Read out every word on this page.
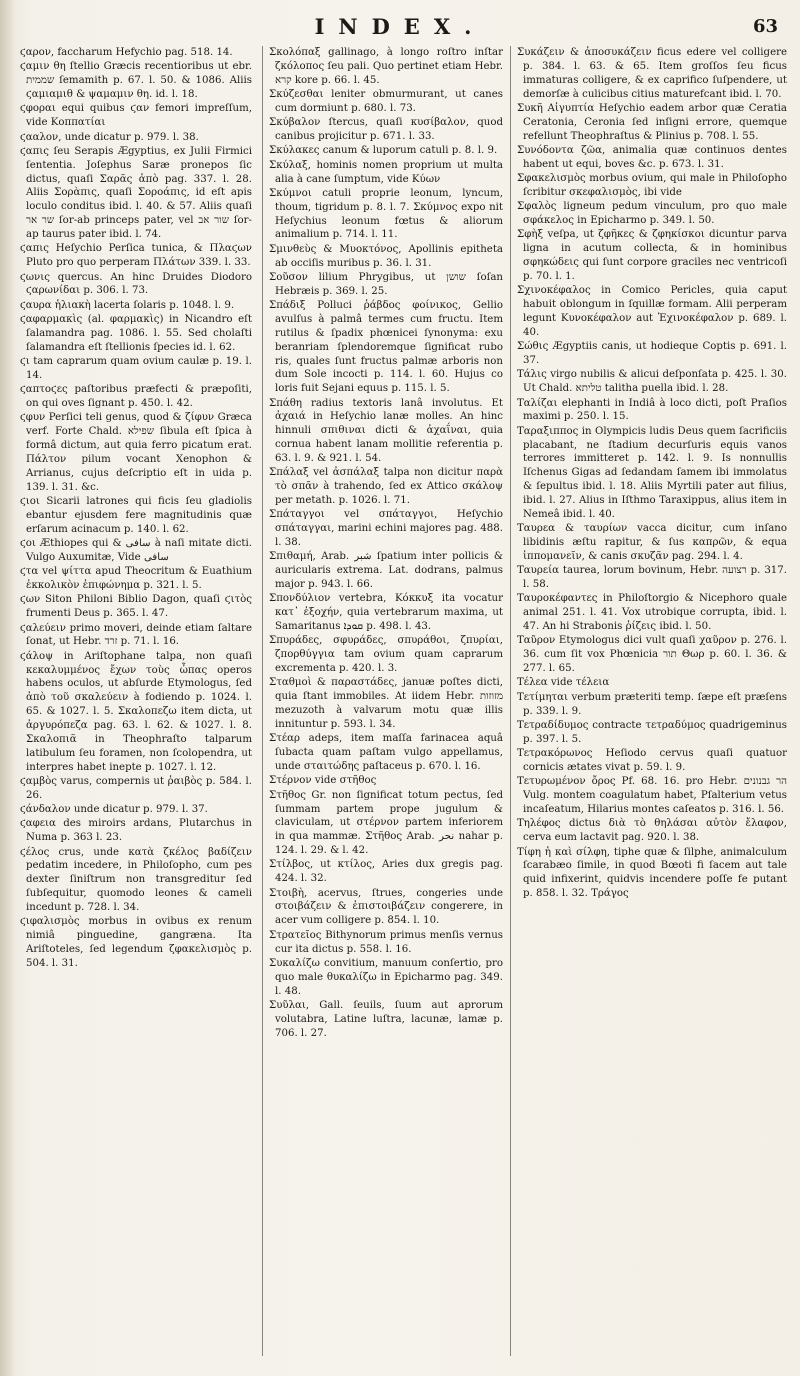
INDEX.	63

ϛαρον, faccharum Hefychio pag. 518. 14.

ϛαμιν θη ſtellio Græcis recentioribus ut ebr. שממית ſemamith p. 67. l. 50. & 1086. Aliis ϛαμιαμιθ & ψαμαμιν θη. id. l. 18.

ϛφοραι equi quibus ϛαν femori impreſſum, vide Κοππατίαι

ϛααλον, unde dicatur p. 979. l. 38.

ϛαπις ſeu Serapis Ægyptius, ex Julii Firmici ſententia. Joſephus Saræ pronepos ſic dictus, quaſi Σαρᾶς ἀπὸ pag. 337. l. 28. Aliis Σορὰπις, quaſi Σοροάπις, id eſt apis loculo conditus ibid. l. 40. & 57. Aliis quaſi שר אר ſor-ab princeps pater, vel שור אב ſor-ap taurus pater ibid. l. 74.

ϛαπις Heſychio Perſica tunica, & Πλαϛων Pluto pro quo perperam Πλάτων 339. l. 33.

ϛωνις quercus. An hinc Druides Diodoro ϛαρωνίδαι p. 306. l. 73.

ϛαυρα ἡλιακὴ lacerta ſolaris p. 1048. l. 9.

ϛαφαρμακὶς (al. φαρμακὶς) in Nicandro eſt ſalamandra pag. 1086. l. 55. Sed cholaſti ſalamandra eſt ſtellionis ſpecies id. l. 62.

ϛι tam caprarum quam ovium caulæ p. 19. l. 14.

ϛαπτοϛες paſtoribus præfecti & præpoſiti, on qui oves ſignant p. 450. l. 42.

ϛφυν Perſici teli genus, quod & ζίφυν Græca verf. Forte Chald. שפילא ſibula eſt ſpica à formâ dictum, aut quia ferro picatum erat. Πάλτον pilum vocant Xenophon & Arrianus, cujus deſcriptio eſt in uida p. 139. l. 31. &c.

ϛιοι Sicarii latrones qui ficis ſeu gladiolis ebantur ejusdem fere magnitudinis quæ erſarum acinacum p. 140. l. 62.

ϛοι Æthiopes qui & سافى à naſi mitate dicti. Vulgo Auxumitæ, Vide سافى

ϛτα vel ψίττα apud Theocritum & Euathium ἐκκολικὸν ἐπιφώνημα p. 321. l. 5.

ϛων Siton Philoni Biblio Dagon, quaſi ϛιτὸς frumenti Deus p. 365. l. 47.

ϛαλεύειν primo moveri, deinde etiam ſaltare ſonat, ut Hebr. זרד p. 71. l. 16.

ϛάλοψ in Ariſtophane talpa, non quaſi κεκαλυμμένος ἔχων τοὺς ὦπας operos habens oculos, ut abſurde Etymologus, ſed ἀπὸ τοῦ σκαλεύειν à fodiendo p. 1024. l. 65. & 1027. l. 5. Σκαλοπεζω item dicta, ut ἀργυρόπεζα pag. 63. l. 62. & 1027. l. 8. Σκαλοπιᾶ in Theophraſto talparum latibulum ſeu foramen, non ſcolopendra, ut interpres habet inepte p. 1027. l. 12.

ϛαμβὸς varus, compernis ut ῥαιβὸς p. 584. l. 26.

ϛάνδαλον unde dicatur p. 979. l. 37.

ϛαφεια des miroirs ardans, Plutarchus in Numa p. 363 l. 23.

ϛέλος crus, unde κατὰ ζκέλος βαδίζειν pedatim incedere, in Philoſopho, cum pes dexter ſiniſtrum non transgreditur ſed ſubſequitur, quomodo leones & cameli incedunt p. 728. l. 34.

ϛιφαλισμὸς morbus in ovibus ex renum nimiâ pinguedine, gangræna. Ita Ariſtoteles, ſed legendum ζφακελισμὸς p. 504. l. 31.

Σκολόπαξ gallinago, à longo roſtro inſtar ζκόλοπος ſeu pali. Quo pertinet etiam Hebr. קרא kore p. 66. l. 45.

Σκύζεσθαι leniter obmurmurant, ut canes cum dormiunt p. 680. l. 73.

Σκύβαλον ſtercus, quaſi κυσίβαλον, quod canibus projicitur p. 671. l. 33.

Σκύλακες canum & luporum catuli p. 8. l. 9.

Σκύλαξ, hominis nomen proprium ut multa alia à cane ſumptum, vide Κύων

Σκύμνοι catuli proprie leonum, lyncum, thoum, tigridum p. 8. l. 7. Σκύμνος expo nit Heſychius leonum fœtus & aliorum animalium p. 714. l. 11.

Σμινθεὺς & Μυοκτόνος, Apollinis epitheta ab occiſis muribus p. 36. l. 31.

Σοῦσον lilium Phrygibus, ut שושן ſoſan Hebræis p. 369. l. 25.

Σπάδιξ Polluci ῥάβδος φοίνικος, Gellio avulſus à palmâ termes cum fructu. Item rutilus & ſpadix phœnicei ſynonyma: exu beranriam ſplendoremque ſignificat rubo ris, quales ſunt fructus palmæ arboris non dum Sole incocti p. 114. l. 60. Hujus co loris fuit Sejani equus p. 115. l. 5.

Σπάθη radius textoris lanâ involutus. Et ἀχαιά in Heſychio lanæ molles. An hinc hinnuli σπιθιναι dicti & ἀχαΐναι, quia cornua habent lanam mollitie referentia p. 63. l. 9. & 921. l. 54.

Σπάλαξ vel ἀσπάλαξ talpa non dicitur παρὰ τὸ σπᾶν à trahendo, ſed ex Attico σκάλοψ per metath. p. 1026. l. 71.

Σπάταγγοι vel σπάταγγοι, Heſychio σπάταγγαι, marini echini majores pag. 488. l. 38.

Σπιθαμή, Arab. شبر ſpatium inter pollicis & auricularis extrema. Lat. dodrans, palmus major p. 943. l. 66.

Σπονδύλιον vertebra, Κόκκυξ ita vocatur κατ᾽ ἐξοχήν, quia vertebrarum maxima, ut Samaritanus ܩܘܕܐ p. 498. l. 43.

Σπυράδες, σφυράδες, σπυράθοι, ζπυρίαι, ζπορθύγγια tam ovium quam caprarum excrementa p. 420. l. 3.

Σταθμοὶ & παραστάδες, januæ poſtes dicti, quia ſtant immobiles. At iidem Hebr. מזוזות mezuzoth à valvarum motu quæ illis innituntur p. 593. l. 34.

Στέαρ adeps, item maſſa farinacea aquâ ſubacta quam paſtam vulgo appellamus, unde σταιτώδης paſtaceus p. 670. l. 16.

Στέρνον vide στῆθος

Στῆθος Gr. non ſignificat totum pectus, ſed ſummam partem prope jugulum & claviculam, ut στέρνον partem inferiorem in qua mammæ. Στῆθος Arab. نحر nahar p. 124. l. 29. & l. 42.

Στίλβος, ut κτίλος, Aries dux gregis pag. 424. l. 32.

Στοιβὴ, acervus, ſtrues, congeries unde στοιβάζειν & ἐπιστοιβάζειν congerere, in acer vum colligere p. 854. l. 10.

Στρατεῖος Bithynorum primus menſis vernus cur ita dictus p. 558. l. 16.

Συκαλίζω convitium, manuum conſertio, pro quo male θυκαλίζω in Epicharmo pag. 349. l. 48.

Συῦλαι, Gall. ſeuils, ſuum aut aprorum volutabra, Latine luſtra, lacunæ, lamæ p. 706. l. 27.

Συκάζειν & ἀποσυκάζειν ficus edere vel colligere p. 384. l. 63. & 65. Item groſſos ſeu ficus immaturas colligere, & ex caprifico ſuſpendere, ut demorſæ à culicibus citius maturefcant ibid. l. 70.

Συκῆ Αἰγυπτία Heſychio eadem arbor quæ Ceratia Ceratonia, Ceronia ſed inſigni errore, quemque refellunt Theophraſtus & Plinius p. 708. l. 55.

Συνόδοντα ζῶα, animalia quæ continuos dentes habent ut equi, boves &c. p. 673. l. 31.

Σφακελισμὸς morbus ovium, qui male in Philoſopho ſcribitur σκεφαλισμὸς, ibi vide

Σφαλὸς ligneum pedum vinculum, pro quo male σφάκελος in Epicharmo p. 349. l. 50.

Σφὴξ veſpa, ut ζφῆκες & ζφηκίσκοι dicuntur parva ligna in acutum collecta, & in hominibus σφηκώδεις qui ſunt corpore graciles nec ventricoſi p. 70. l. 1.

Σχινοκέφαλος in Comico Pericles, quia caput habuit oblongum in ſquillæ formam. Alii perperam legunt Κυνοκέφαλον aut Ἐχινοκέφαλον p. 689. l. 40.

Σώθις Ægyptiis canis, ut hodieque Coptis p. 691. l. 37.

Τάλις virgo nubilis & alicui deſponſata p. 425. l. 30. Ut Chald. טליתא talitha puella ibid. l. 28.

Ταλίζαι elephanti in Indiâ à loco dicti, poſt Praſios maximi p. 250. l. 15.

Ταραξιππος in Olympicis ludis Deus quem ſacrificiis placabant, ne ſtadium decurſuris equis vanos terrores immitteret p. 142. l. 9. Is nonnullis Iſchenus Gigas ad ſedandam ſamem ibi immolatus & ſepultus ibid. l. 18. Aliis Myrtili pater aut filius, ibid. l. 27. Alius in Iſthmo Taraxippus, alius item in Nemeâ ibid. l. 40.

Ταυρεα & ταυρίων vacca dicitur, cum inſano libidinis æſtu rapitur, & ſus καπρῶν, & equa ἱππομανεῖν, & canis σκυζᾶν pag. 294. l. 4.

Ταυρεία taurea, lorum bovinum, Hebr. רצועה p. 317. l. 58.

Ταυροκέφαντες in Philoſtorgio & Nicephoro quale animal 251. l. 41. Vox utrobique corrupta, ibid. l. 47. An hi Strabonis ῥίζεις ibid. l. 50.

Ταῦρον Etymologus dici vult quaſi χαῦρον p. 276. l. 36. cum ſit vox Phœnicia תור Θωρ p. 60. l. 36. & 277. l. 65.

Τέλεα vide τέλεια

Τετίμηται verbum præteriti temp. ſæpe eſt præſens p. 339. l. 9.

Τετραδίδυμος contracte τετραδύμος quadrigeminus p. 397. l. 5.

Τετρακόρωνος Heſiodo cervus quaſi quatuor cornicis ætates vivat p. 59. l. 9.

Τετυρωμένον ὄρος Pf. 68. 16. pro Hebr. הר גבנונים Vulg. montem coagulatum habet, Pſalterium vetus incaſeatum, Hilarius montes caſeatos p. 316. l. 56.

Τηλέφος dictus διὰ τὸ θηλάσαι αὐτὸν ἔλαφον, cerva eum lactavit pag. 920. l. 38.

Τίφη ἡ καὶ σίλφη, tiphe quæ & ſilphe, animalculum ſcarabæo ſimile, in quod Bœoti fi ſacem aut tale quid infixerint, quidvis incendere poſſe fe putant p. 858. l. 32. Τράγος
